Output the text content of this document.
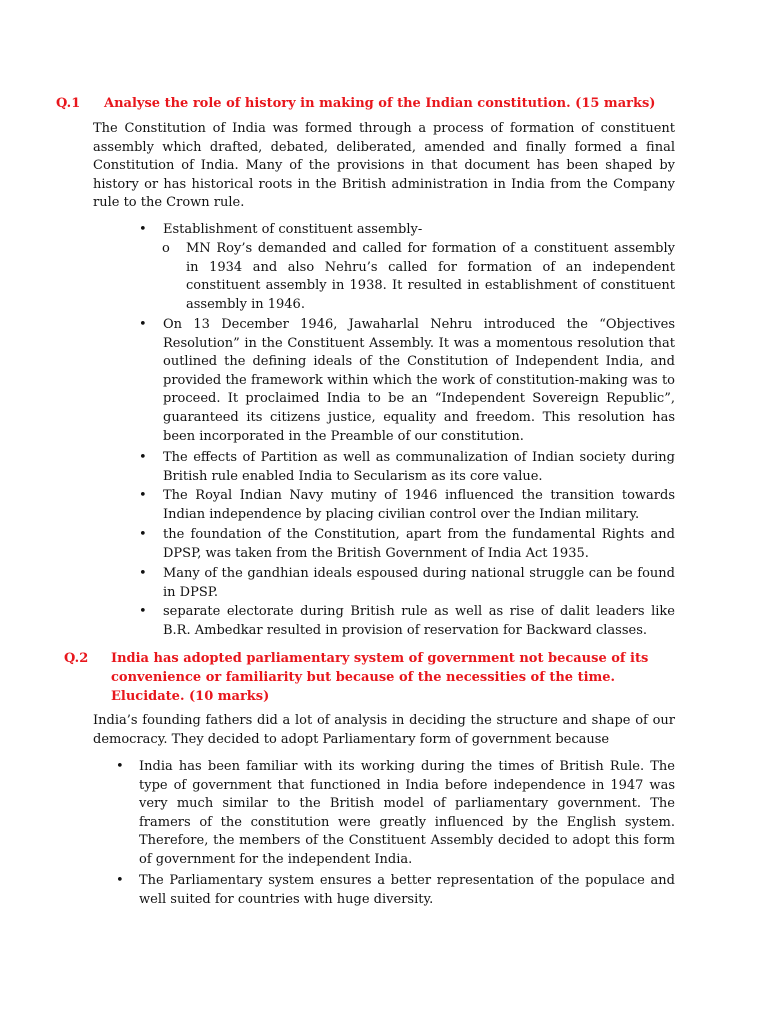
Q.1 Analyse the role of history in making of the Indian constitution. (15 marks)
The Constitution of India was formed through a process of formation of constituent assembly which drafted, debated, deliberated, amended and finally formed a final Constitution of India. Many of the provisions in that document has been shaped by history or has historical roots in the British administration in India from the Company rule to the Crown rule.
• Establishment of constituent assembly-
o MN Roy’s demanded and called for formation of a constituent assembly in 1934 and also Nehru’s called for formation of an independent constituent assembly in 1938. It resulted in establishment of constituent assembly in 1946.
• On 13 December 1946, Jawaharlal Nehru introduced the “Objectives Resolution” in the Constituent Assembly. It was a momentous resolution that outlined the defining ideals of the Constitution of Independent India, and provided the framework within which the work of constitution-making was to proceed. It proclaimed India to be an “Independent Sovereign Republic”, guaranteed its citizens justice, equality and freedom. This resolution has been incorporated in the Preamble of our constitution.
• The effects of Partition as well as communalization of Indian society during British rule enabled India to Secularism as its core value.
• The Royal Indian Navy mutiny of 1946 influenced the transition towards Indian independence by placing civilian control over the Indian military.
• the foundation of the Constitution, apart from the fundamental Rights and DPSP, was taken from the British Government of India Act 1935.
• Many of the gandhian ideals espoused during national struggle can be found in DPSP.
• separate electorate during British rule as well as rise of dalit leaders like B.R. Ambedkar resulted in provision of reservation for Backward classes.
Q.2 India has adopted parliamentary system of government not because of its convenience or familiarity but because of the necessities of the time. Elucidate. (10 marks)
India’s founding fathers did a lot of analysis in deciding the structure and shape of our democracy. They decided to adopt Parliamentary form of government because
• India has been familiar with its working during the times of British Rule. The type of government that functioned in India before independence in 1947 was very much similar to the British model of parliamentary government. The framers of the constitution were greatly influenced by the English system. Therefore, the members of the Constituent Assembly decided to adopt this form of government for the independent India.
• The Parliamentary system ensures a better representation of the populace and well suited for countries with huge diversity.
